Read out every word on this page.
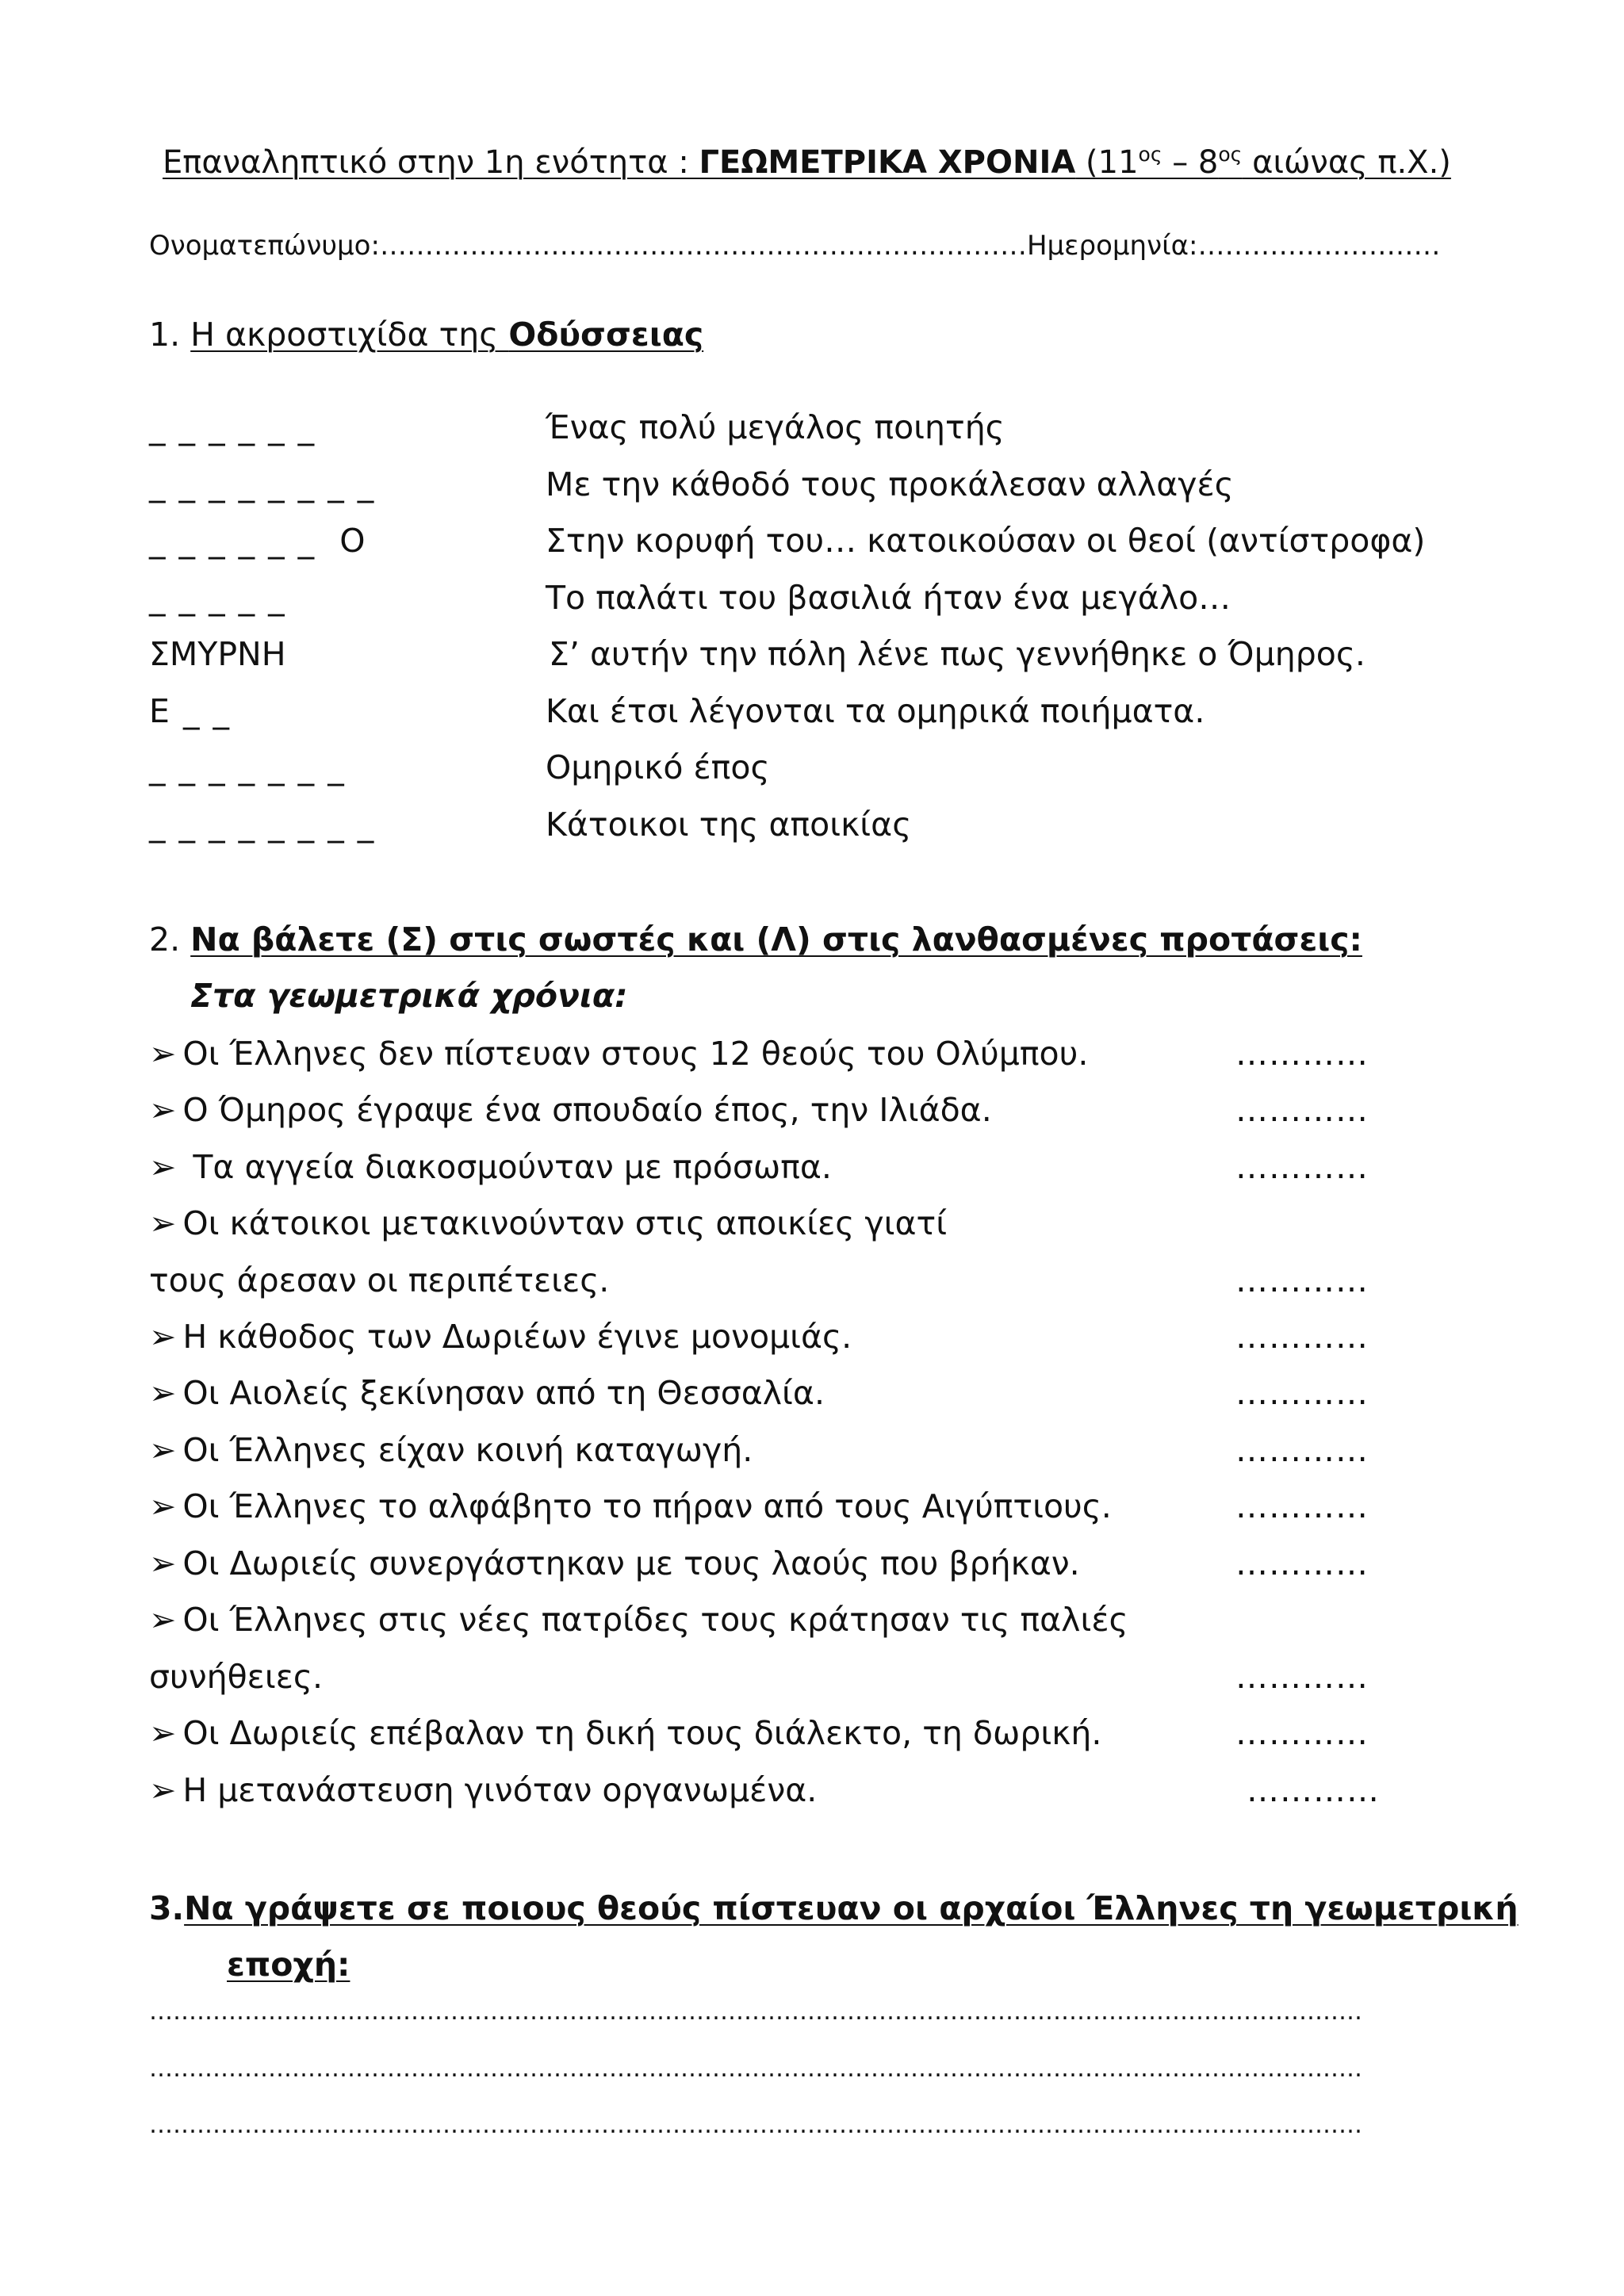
Επαναληπτικό στην 1η ενότητα : ΓΕΩΜΕΤΡΙΚΑ ΧΡΟΝΙΑ ($11^{o\varsigma} - 8^{o\varsigma}$ αιώνας π.Χ.)
Ονοματεπώνυμο:………………………………………………………………Ημερομηνία:………………………
1. Η ακροστιχίδα της Οδύσσειας
_ _ _ _ _ _	Ένας πολύ μεγάλος ποιητής
_ _ _ _ _ _ _ _	Με την κάθοδό τους προκάλεσαν αλλαγές
_ _ _ _ _ _  Ο	Στην κορυφή του… κατοικούσαν οι θεοί (αντίστροφα)
_ _ _ _ _	Το παλάτι του βασιλιά ήταν ένα μεγάλο…
ΣΜΥΡΝΗ	Σ’ αυτήν την πόλη λένε πως γεννήθηκε ο Όμηρος.
Ε _ _	Και έτσι λέγονται τα ομηρικά ποιήματα.
_ _ _ _ _ _ _	Ομηρικό έπος
_ _ _ _ _ _ _ _	Κάτοικοι της αποικίας
2. Να βάλετε (Σ) στις σωστές και (Λ) στις λανθασμένες προτάσεις:
Στα γεωμετρικά χρόνια:
➢ Οι Έλληνες δεν πίστευαν στους 12 θεούς του Ολύμπου.	…………
➢ Ο Όμηρος έγραψε ένα σπουδαίο έπος, την Ιλιάδα.	…………
➢ Τα αγγεία διακοσμούνταν με πρόσωπα.	…………
➢ Οι κάτοικοι μετακινούνταν στις αποικίες γιατί
τους άρεσαν οι περιπέτειες.	…………
➢ Η κάθοδος των Δωριέων έγινε μονομιάς.	…………
➢ Οι Αιολείς ξεκίνησαν από τη Θεσσαλία.	…………
➢ Οι Έλληνες είχαν κοινή καταγωγή.	…………
➢ Οι Έλληνες το αλφάβητο το πήραν από τους Αιγύπτιους.	…………
➢ Οι Δωριείς συνεργάστηκαν με τους λαούς που βρήκαν.	…………
➢ Οι Έλληνες στις νέες πατρίδες τους κράτησαν τις παλιές
συνήθειες.	…………
➢ Οι Δωριείς επέβαλαν τη δική τους διάλεκτο, τη δωρική.	…………
➢ Η μετανάστευση γινόταν οργανωμένα.	…………
3.Να γράψετε σε ποιους θεούς πίστευαν οι αρχαίοι Έλληνες τη γεωμετρική
εποχή:
………………………………………………………………………………………………………………………………………
………………………………………………………………………………………………………………………………………
………………………………………………………………………………………………………………………………………
